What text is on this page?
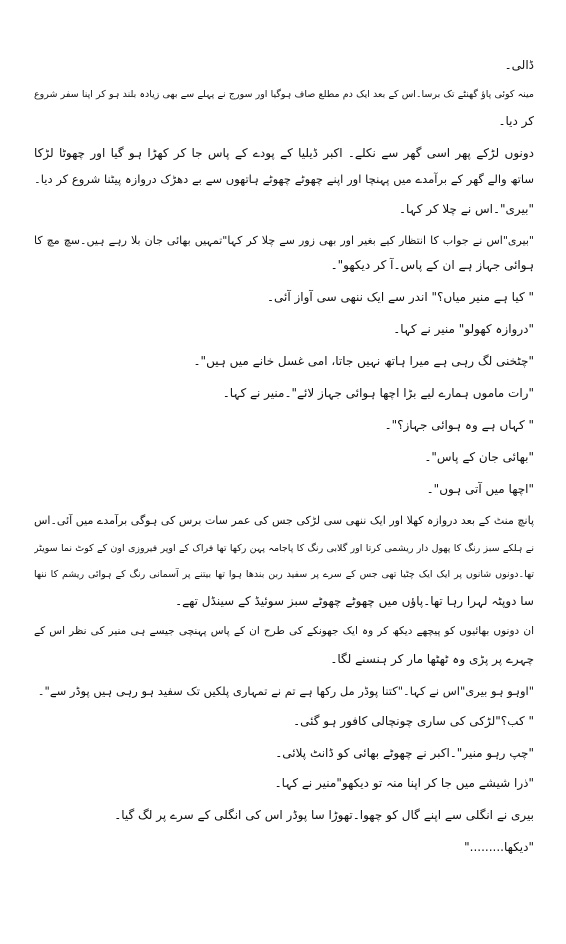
ڈالی۔
مینہ کوئی پاؤ گھنٹے تک برسا۔اس کے بعد ایک دم مطلع صاف ہوگیا اور سورج نے پہلے سے بھی زیادہ بلند ہو کر اپنا سفر شروع
کر دیا۔
دونوں لڑکے پھر اسی گھر سے نکلے۔ اکبر ڈیلیا کے پودے کے پاس جا کر کھڑا ہو گیا اور چھوٹا لڑکا
ساتھ والے گھر کے برآمدے میں پہنچا اور اپنے چھوٹے چھوٹے ہاتھوں سے بے دھڑک دروازہ پیٹنا شروع کر دیا۔
"بیری"۔اس نے چلا کر کہا۔
"بیری"اس نے جواب کا انتظار کیے بغیر اور بھی زور سے چلا کر کہا"تمہیں بھائی جان بلا رہے ہیں۔سچ مچ کا
ہوائی جہاز ہے ان کے پاس۔آ کر دیکھو"۔
" کیا ہے منیر میاں؟" اندر سے ایک ننھی سی آواز آئی۔
"دروازہ کھولو" منیر نے کہا۔
"چٹخنی لگ رہی ہے میرا ہاتھ نہیں جاتا، امی غسل خانے میں ہیں"۔
"رات ماموں ہمارے لیے بڑا اچھا ہوائی جہاز لائے"۔منیر نے کہا۔
" کہاں ہے وہ ہوائی جہاز؟"۔
"بھائی جان کے پاس"۔
"اچھا میں آتی ہوں"۔
پانچ منٹ کے بعد دروازہ کھلا اور ایک ننھی سی لڑکی جس کی عمر سات برس کی ہوگی برآمدے میں آئی۔اس
نے ہلکے سبز رنگ کا پھول دار ریشمی کرتا اور گلابی رنگ کا پاجامہ پہن رکھا تھا فراک کے اوپر فیروزی اون کے کوٹ نما سویٹر
تھا۔دونوں شانوں پر ایک ایک چٹیا تھی جس کے سرے پر سفید ربن بندھا ہوا تھا بیتنے پر آسمانی رنگ کے ہوائی ریشم کا ننھا
سا دوپٹہ لہرا رہا تھا۔پاؤں میں چھوٹے چھوٹے سبز سوئیڈ کے سینڈل تھے۔
ان دونوں بھائیوں کو پیچھے دیکھ کر وہ ایک جھونکے کی طرح ان کے پاس پہنچی جیسے ہی منیر کی نظر اس کے
چہرے پر پڑی وہ ٹھٹھا مار کر ہنسنے لگا۔
"اوہو ہو بیری"اس نے کہا۔"کتنا پوڈر مل رکھا ہے تم نے تمہاری پلکیں تک سفید ہو رہی ہیں پوڈر سے"۔
" کب؟"لڑکی کی ساری چونچالی کافور ہو گئی۔
"چپ رہو منیر"۔اکبر نے چھوٹے بھائی کو ڈانٹ پلائی۔
"ذرا شیشے میں جا کر اپنا منہ تو دیکھو"منیر نے کہا۔
بیری نے انگلی سے اپنے گال کو چھوا۔تھوڑا سا پوڈر اس کی انگلی کے سرے پر لگ گیا۔
"دیکھا........."
